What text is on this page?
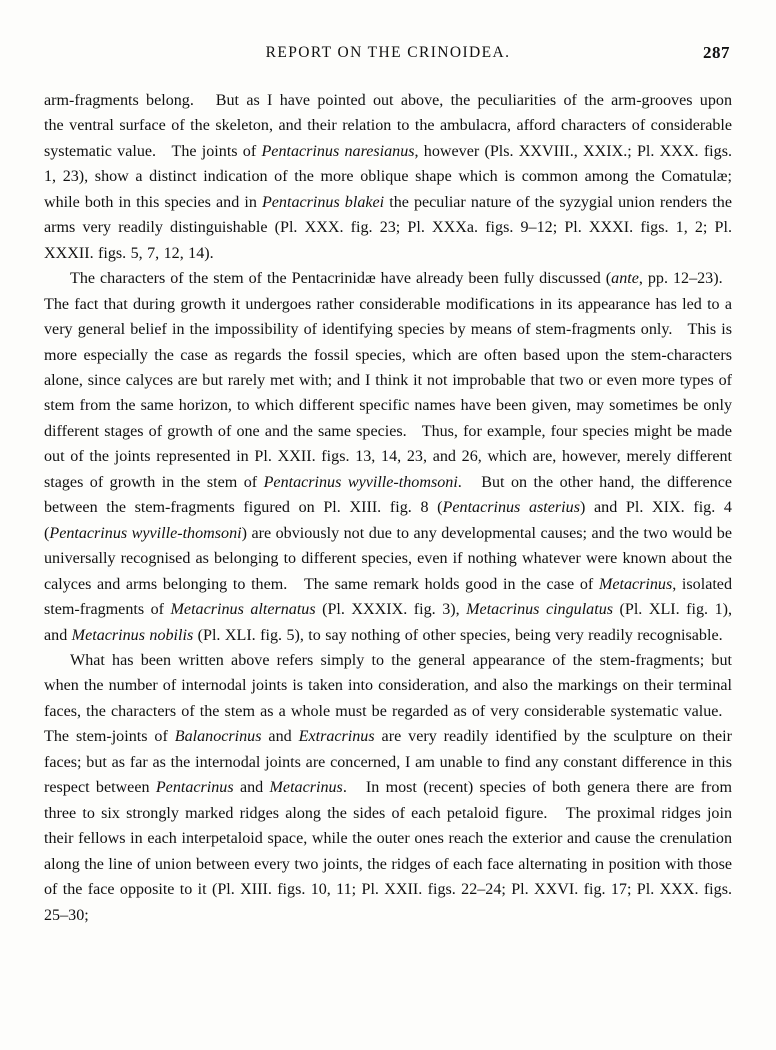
REPORT ON THE CRINOIDEA.	287

arm-fragments belong.   But as I have pointed out above, the peculiarities of the arm-grooves upon the ventral surface of the skeleton, and their relation to the ambulacra, afford characters of considerable systematic value.   The joints of Pentacrinus naresianus, however (Pls. XXVIII., XXIX.; Pl. XXX. figs. 1, 23), show a distinct indication of the more oblique shape which is common among the Comatulæ; while both in this species and in Pentacrinus blakei the peculiar nature of the syzygial union renders the arms very readily distinguishable (Pl. XXX. fig. 23; Pl. XXXa. figs. 9–12; Pl. XXXI. figs. 1, 2; Pl. XXXII. figs. 5, 7, 12, 14).

The characters of the stem of the Pentacrinidæ have already been fully discussed (ante, pp. 12–23).   The fact that during growth it undergoes rather considerable modifications in its appearance has led to a very general belief in the impossibility of identifying species by means of stem-fragments only.   This is more especially the case as regards the fossil species, which are often based upon the stem-characters alone, since calyces are but rarely met with; and I think it not improbable that two or even more types of stem from the same horizon, to which different specific names have been given, may sometimes be only different stages of growth of one and the same species.   Thus, for example, four species might be made out of the joints represented in Pl. XXII. figs. 13, 14, 23, and 26, which are, however, merely different stages of growth in the stem of Pentacrinus wyville-thomsoni.   But on the other hand, the difference between the stem-fragments figured on Pl. XIII. fig. 8 (Pentacrinus asterius) and Pl. XIX. fig. 4 (Pentacrinus wyville-thomsoni) are obviously not due to any developmental causes; and the two would be universally recognised as belonging to different species, even if nothing whatever were known about the calyces and arms belonging to them.   The same remark holds good in the case of Metacrinus, isolated stem-fragments of Metacrinus alternatus (Pl. XXXIX. fig. 3), Metacrinus cingulatus (Pl. XLI. fig. 1), and Metacrinus nobilis (Pl. XLI. fig. 5), to say nothing of other species, being very readily recognisable.

What has been written above refers simply to the general appearance of the stem-fragments; but when the number of internodal joints is taken into consideration, and also the markings on their terminal faces, the characters of the stem as a whole must be regarded as of very considerable systematic value.   The stem-joints of Balanocrinus and Extracrinus are very readily identified by the sculpture on their faces; but as far as the internodal joints are concerned, I am unable to find any constant difference in this respect between Pentacrinus and Metacrinus.   In most (recent) species of both genera there are from three to six strongly marked ridges along the sides of each petaloid figure.   The proximal ridges join their fellows in each interpetaloid space, while the outer ones reach the exterior and cause the crenulation along the line of union between every two joints, the ridges of each face alternating in position with those of the face opposite to it (Pl. XIII. figs. 10, 11; Pl. XXII. figs. 22–24; Pl. XXVI. fig. 17; Pl. XXX. figs. 25–30;
